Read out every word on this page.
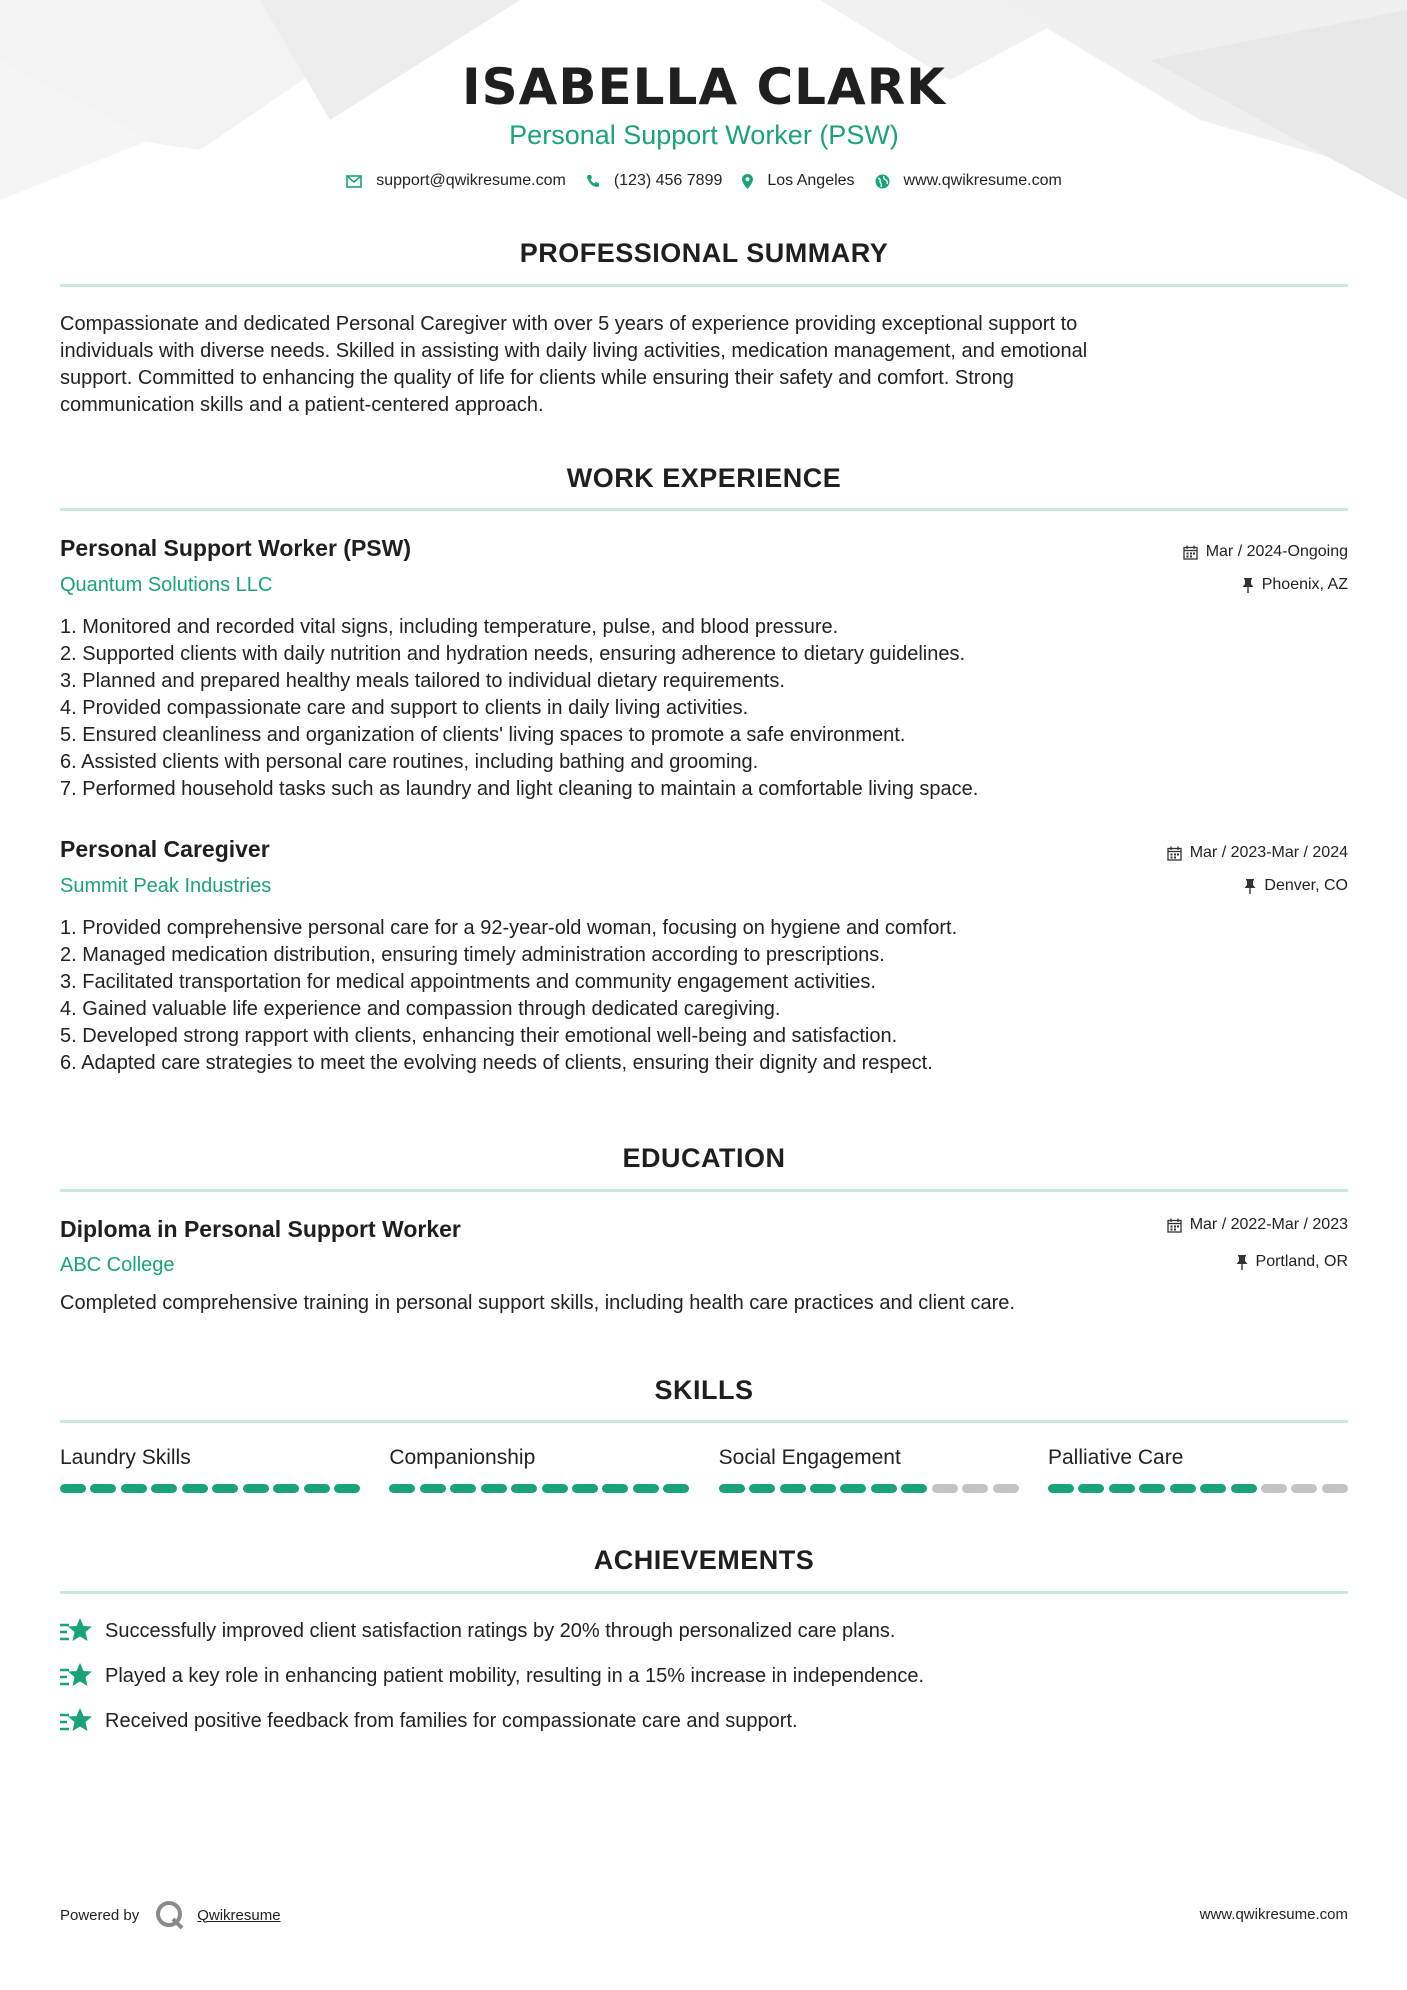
ISABELLA CLARK
Personal Support Worker (PSW)
support@qwikresume.com	(123) 456 7899	Los Angeles	www.qwikresume.com
PROFESSIONAL SUMMARY
Compassionate and dedicated Personal Caregiver with over 5 years of experience providing exceptional support to
individuals with diverse needs. Skilled in assisting with daily living activities, medication management, and emotional
support. Committed to enhancing the quality of life for clients while ensuring their safety and comfort. Strong
communication skills and a patient-centered approach.
WORK EXPERIENCE
Personal Support Worker (PSW)	Mar / 2024-Ongoing
Quantum Solutions LLC	Phoenix, AZ
1. Monitored and recorded vital signs, including temperature, pulse, and blood pressure.
2. Supported clients with daily nutrition and hydration needs, ensuring adherence to dietary guidelines.
3. Planned and prepared healthy meals tailored to individual dietary requirements.
4. Provided compassionate care and support to clients in daily living activities.
5. Ensured cleanliness and organization of clients' living spaces to promote a safe environment.
6. Assisted clients with personal care routines, including bathing and grooming.
7. Performed household tasks such as laundry and light cleaning to maintain a comfortable living space.
Personal Caregiver	Mar / 2023-Mar / 2024
Summit Peak Industries	Denver, CO
1. Provided comprehensive personal care for a 92-year-old woman, focusing on hygiene and comfort.
2. Managed medication distribution, ensuring timely administration according to prescriptions.
3. Facilitated transportation for medical appointments and community engagement activities.
4. Gained valuable life experience and compassion through dedicated caregiving.
5. Developed strong rapport with clients, enhancing their emotional well-being and satisfaction.
6. Adapted care strategies to meet the evolving needs of clients, ensuring their dignity and respect.
EDUCATION
Diploma in Personal Support Worker	Mar / 2022-Mar / 2023
ABC College	Portland, OR
Completed comprehensive training in personal support skills, including health care practices and client care.
SKILLS
Laundry Skills	Companionship	Social Engagement	Palliative Care
ACHIEVEMENTS
Successfully improved client satisfaction ratings by 20% through personalized care plans.
Played a key role in enhancing patient mobility, resulting in a 15% increase in independence.
Received positive feedback from families for compassionate care and support.
Powered by	Qwikresume	www.qwikresume.com
